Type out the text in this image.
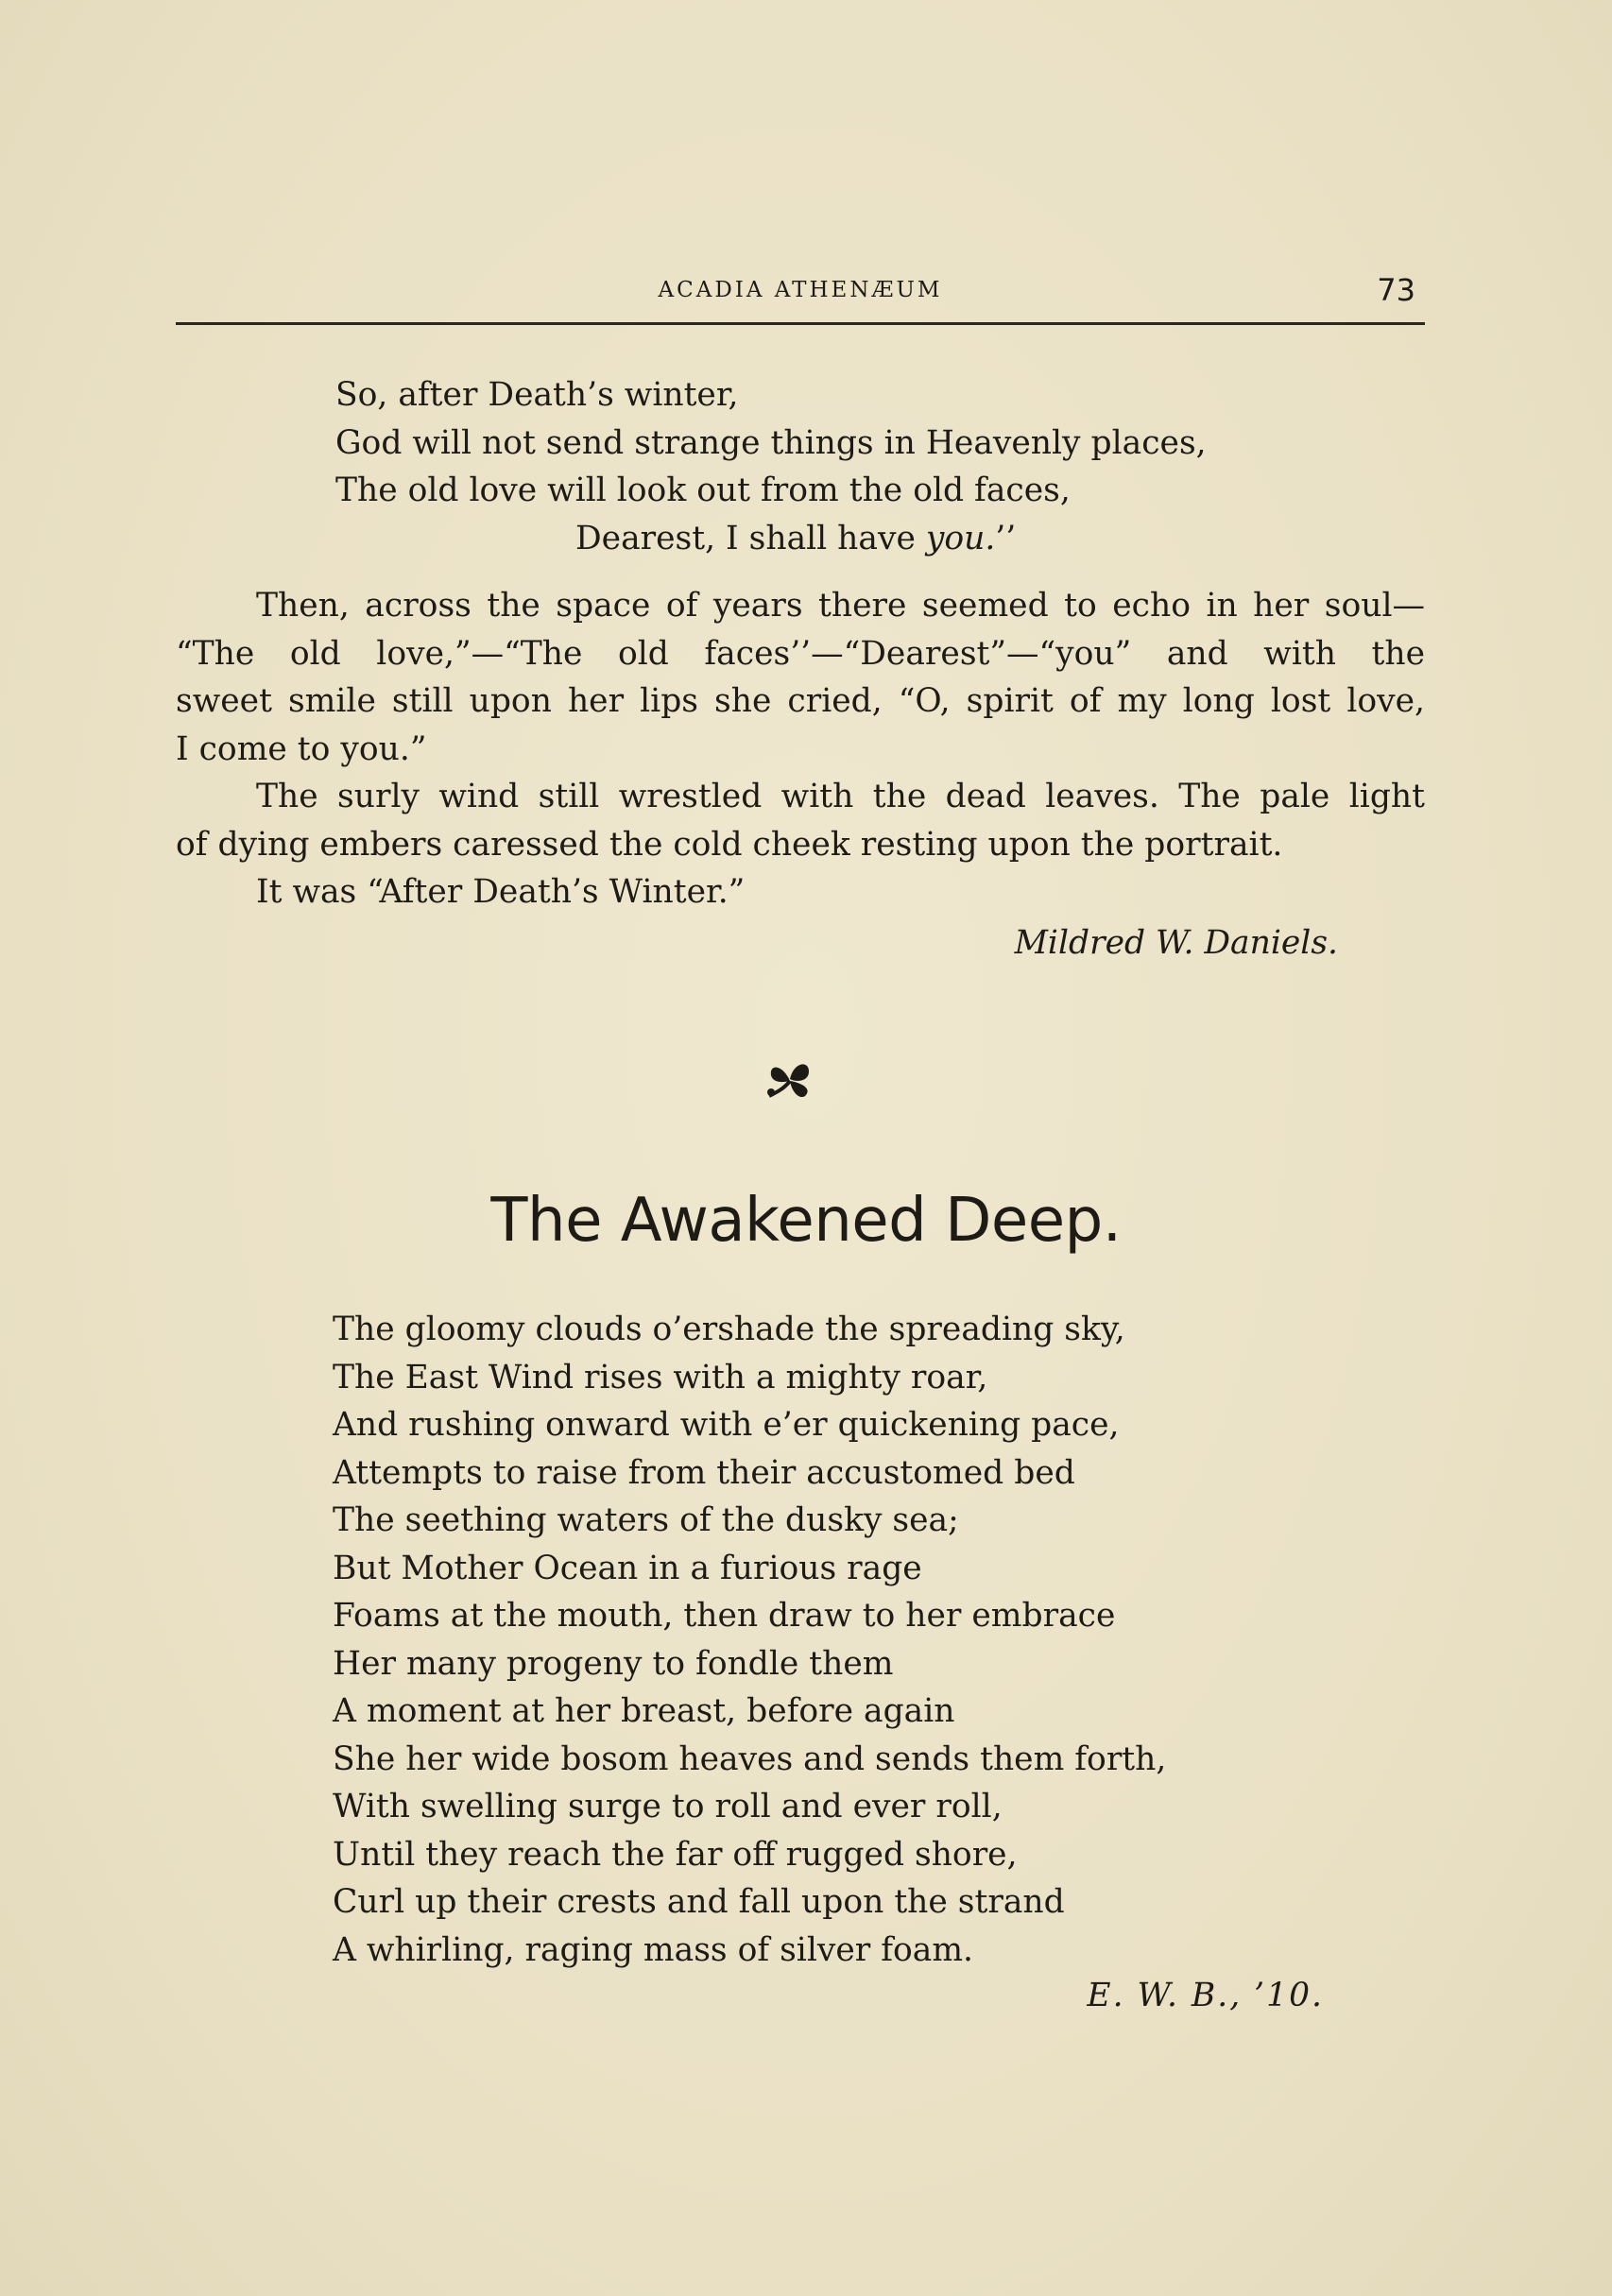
ACADIA ATHENÆUM	73
So, after Death’s winter,
God will not send strange things in Heavenly places,
The old love will look out from the old faces,
Dearest, I shall have you.’’
Then, across the space of years there seemed to echo in her soul—
“The old love,”—“The old faces’’—“Dearest”—“you” and with the
sweet smile still upon her lips she cried, “O, spirit of my long lost love,
I come to you.”
The surly wind still wrestled with the dead leaves. The pale light
of dying embers caressed the cold cheek resting upon the portrait.
It was “After Death’s Winter.”
Mildred W. Daniels.
The Awakened Deep.
The gloomy clouds o’ershade the spreading sky,
The East Wind rises with a mighty roar,
And rushing onward with e’er quickening pace,
Attempts to raise from their accustomed bed
The seething waters of the dusky sea;
But Mother Ocean in a furious rage
Foams at the mouth, then draw to her embrace
Her many progeny to fondle them
A moment at her breast, before again
She her wide bosom heaves and sends them forth,
With swelling surge to roll and ever roll,
Until they reach the far off rugged shore,
Curl up their crests and fall upon the strand
A whirling, raging mass of silver foam.
E. W. B., ’10.
